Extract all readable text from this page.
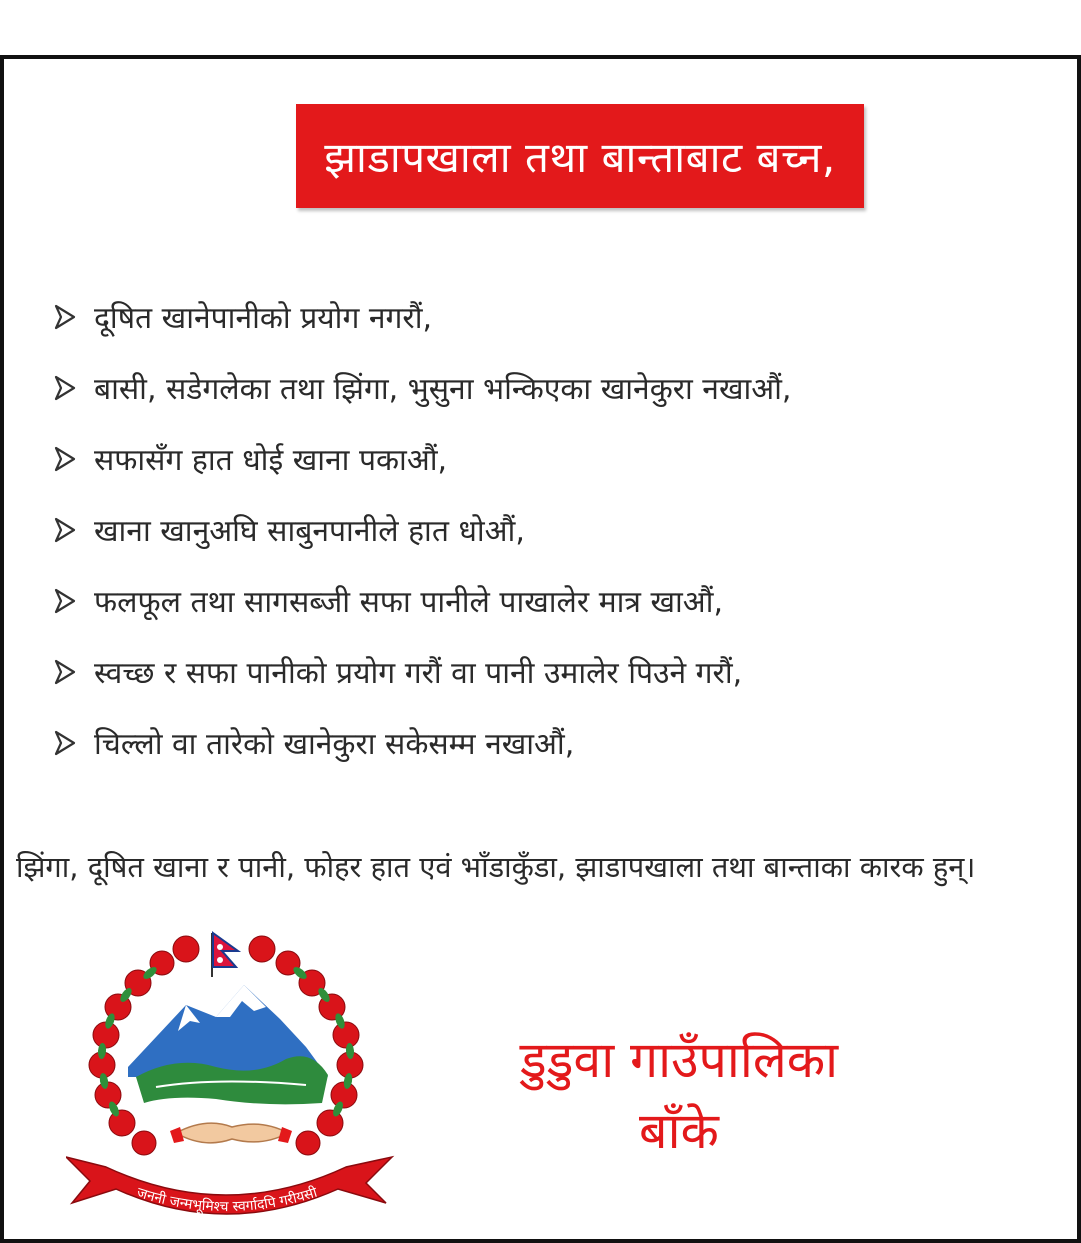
झाडापखाला तथा बान्ताबाट बच्न,
दूषित खानेपानीको प्रयोग नगरौं,
बासी, सडेगलेका तथा झिंगा, भुसुना भन्किएका खानेकुरा नखाऔं,
सफासँग हात धोई खाना पकाऔं,
खाना खानुअघि साबुनपानीले हात धोऔं,
फलफूल तथा सागसब्जी सफा पानीले पाखालेर मात्र खाऔं,
स्वच्छ र सफा पानीको प्रयोग गरौं वा पानी उमालेर पिउने गरौं,
चिल्लो वा तारेको खानेकुरा सकेसम्म नखाऔं,
झिंगा, दूषित खाना र पानी, फोहर हात एवं भाँडाकुँडा, झाडापखाला तथा बान्ताका कारक हुन्।
जननी जन्मभूमिश्च स्वर्गादपि गरीयसी
डुडुवा गाउँपालिका
बाँके
